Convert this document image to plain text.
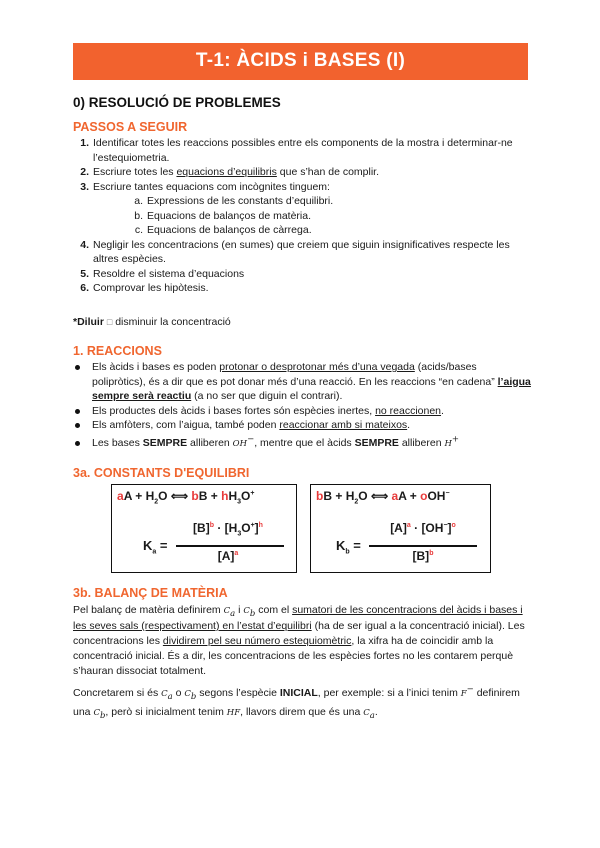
T-1: ÀCIDS i BASES (I)
0) RESOLUCIÓ DE PROBLEMES
PASSOS A SEGUIR
1. Identificar totes les reaccions possibles entre els components de la mostra i determinar-ne l’estequiometria.
2. Escriure totes les equacions d’equilibris que s’han de complir.
3. Escriure tantes equacions com incògnites tinguem:
a. Expressions de les constants d’equilibri.
b. Equacions de balanços de matèria.
c. Equacions de balanços de càrrega.
4. Negligir les concentracions (en sumes) que creiem que siguin insignificatives respecte les altres espècies.
5. Resoldre el sistema d’equacions
6. Comprovar les hipòtesis.
*Diluir □ disminuir la concentració
1. REACCIONS
Els àcids i bases es poden protonar o desprotonar més d’una vegada (acids/bases polipròtics), és a dir que es pot donar més d’una reacció. En les reaccions “en cadena” l’aigua sempre serà reactiu (a no ser que diguin el contrari).
Els productes dels àcids i bases fortes són espècies inertes, no reaccionen.
Els amfòters, com l’aigua, també poden reaccionar amb si mateixos.
Les bases SEMPRE alliberen OH−, mentre que el àcids SEMPRE alliberen H+
3a. CONSTANTS D'EQUILIBRI
aA + $H_2O$ ⟺ bB + $hH_3O^+$
$K_a$ =
$[B]^b \cdot [H_3O^+]^h$
$[A]^a$
bB + $H_2O$ ⟺ aA + oOH−
$K_b$ =
$[A]^a \cdot [OH^-]^o$
$[B]^b$
3b. BALANÇ DE MATÈRIA

Pel balanç de matèria definirem $C_a$ i $C_b$ com el sumatori de les concentracions del àcids i bases i les seves sals (respectivament) en l’estat d’equilibri (ha de ser igual a la concentració inicial). Les concentracions les dividirem pel seu número estequiomètric, la xifra ha de coincidir amb la concentració inicial. És a dir, les concentracions de les espècies fortes no les contarem perquè s’hauran dissociat totalment.

Concretarem si és $C_a$ o $C_b$ segons l’espècie INICIAL, per exemple: si a l’inici tenim F− definirem una $C_b$, però si inicialment tenim HF, llavors direm que és una $C_a$.
